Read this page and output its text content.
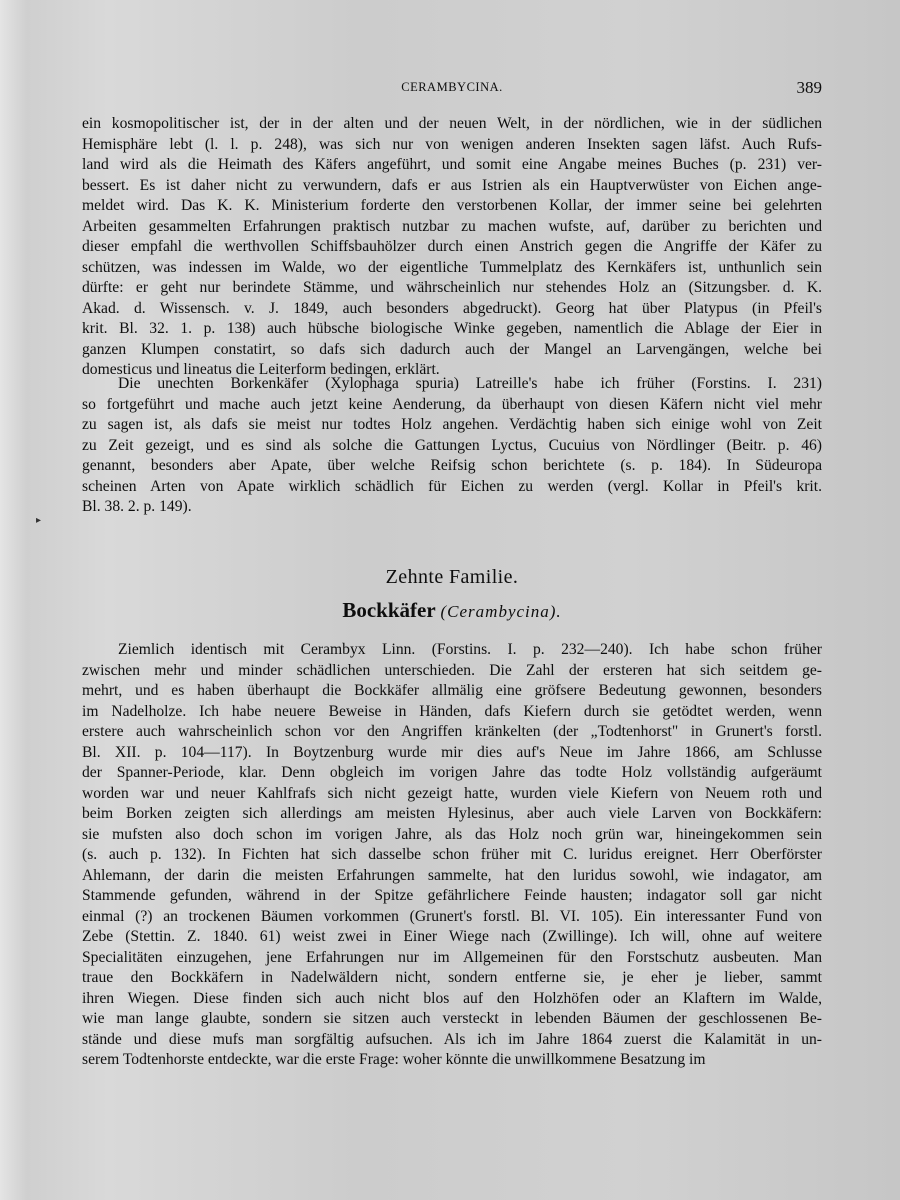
CERAMBYCINA.	389
ein kosmopolitischer ist, der in der alten und der neuen Welt, in der nördlichen, wie in der südlichen
Hemisphäre lebt (l. l. p. 248), was sich nur von wenigen anderen Insekten sagen läfst. Auch Rufs-
land wird als die Heimath des Käfers angeführt, und somit eine Angabe meines Buches (p. 231) ver-
bessert. Es ist daher nicht zu verwundern, dafs er aus Istrien als ein Hauptverwüster von Eichen ange-
meldet wird. Das K. K. Ministerium forderte den verstorbenen Kollar, der immer seine bei gelehrten
Arbeiten gesammelten Erfahrungen praktisch nutzbar zu machen wufste, auf, darüber zu berichten und
dieser empfahl die werthvollen Schiffsbauhölzer durch einen Anstrich gegen die Angriffe der Käfer zu
schützen, was indessen im Walde, wo der eigentliche Tummelplatz des Kernkäfers ist, unthunlich sein
dürfte: er geht nur berindete Stämme, und währscheinlich nur stehendes Holz an (Sitzungsber. d. K.
Akad. d. Wissensch. v. J. 1849, auch besonders abgedruckt). Georg hat über Platypus (in Pfeil's
krit. Bl. 32. 1. p. 138) auch hübsche biologische Winke gegeben, namentlich die Ablage der Eier in
ganzen Klumpen constatirt, so dafs sich dadurch auch der Mangel an Larvengängen, welche bei
domesticus und lineatus die Leiterform bedingen, erklärt.
Die unechten Borkenkäfer (Xylophaga spuria) Latreille's habe ich früher (Forstins. I. 231)
so fortgeführt und mache auch jetzt keine Aenderung, da überhaupt von diesen Käfern nicht viel mehr
zu sagen ist, als dafs sie meist nur todtes Holz angehen. Verdächtig haben sich einige wohl von Zeit
zu Zeit gezeigt, und es sind als solche die Gattungen Lyctus, Cucuius von Nördlinger (Beitr. p. 46)
genannt, besonders aber Apate, über welche Reifsig schon berichtete (s. p. 184). In Südeuropa
scheinen Arten von Apate wirklich schädlich für Eichen zu werden (vergl. Kollar in Pfeil's krit.
Bl. 38. 2. p. 149).
Zehnte Familie.
Bockkäfer (Cerambycina).
Ziemlich identisch mit Cerambyx Linn. (Forstins. I. p. 232—240). Ich habe schon früher
zwischen mehr und minder schädlichen unterschieden. Die Zahl der ersteren hat sich seitdem ge-
mehrt, und es haben überhaupt die Bockkäfer allmälig eine gröfsere Bedeutung gewonnen, besonders
im Nadelholze. Ich habe neuere Beweise in Händen, dafs Kiefern durch sie getödtet werden, wenn
erstere auch wahrscheinlich schon vor den Angriffen kränkelten (der „Todtenhorst" in Grunert's forstl.
Bl. XII. p. 104—117). In Boytzenburg wurde mir dies auf's Neue im Jahre 1866, am Schlusse
der Spanner-Periode, klar. Denn obgleich im vorigen Jahre das todte Holz vollständig aufgeräumt
worden war und neuer Kahlfrafs sich nicht gezeigt hatte, wurden viele Kiefern von Neuem roth und
beim Borken zeigten sich allerdings am meisten Hylesinus, aber auch viele Larven von Bockkäfern:
sie mufsten also doch schon im vorigen Jahre, als das Holz noch grün war, hineingekommen sein
(s. auch p. 132). In Fichten hat sich dasselbe schon früher mit C. luridus ereignet. Herr Oberförster
Ahlemann, der darin die meisten Erfahrungen sammelte, hat den luridus sowohl, wie indagator, am
Stammende gefunden, während in der Spitze gefährlichere Feinde hausten; indagator soll gar nicht
einmal (?) an trockenen Bäumen vorkommen (Grunert's forstl. Bl. VI. 105). Ein interessanter Fund von
Zebe (Stettin. Z. 1840. 61) weist zwei in Einer Wiege nach (Zwillinge). Ich will, ohne auf weitere
Specialitäten einzugehen, jene Erfahrungen nur im Allgemeinen für den Forstschutz ausbeuten. Man
traue den Bockkäfern in Nadelwäldern nicht, sondern entferne sie, je eher je lieber, sammt
ihren Wiegen. Diese finden sich auch nicht blos auf den Holzhöfen oder an Klaftern im Walde,
wie man lange glaubte, sondern sie sitzen auch versteckt in lebenden Bäumen der geschlossenen Be-
stände und diese mufs man sorgfältig aufsuchen. Als ich im Jahre 1864 zuerst die Kalamität in un-
serem Todtenhorste entdeckte, war die erste Frage: woher könnte die unwillkommene Besatzung im
▸
